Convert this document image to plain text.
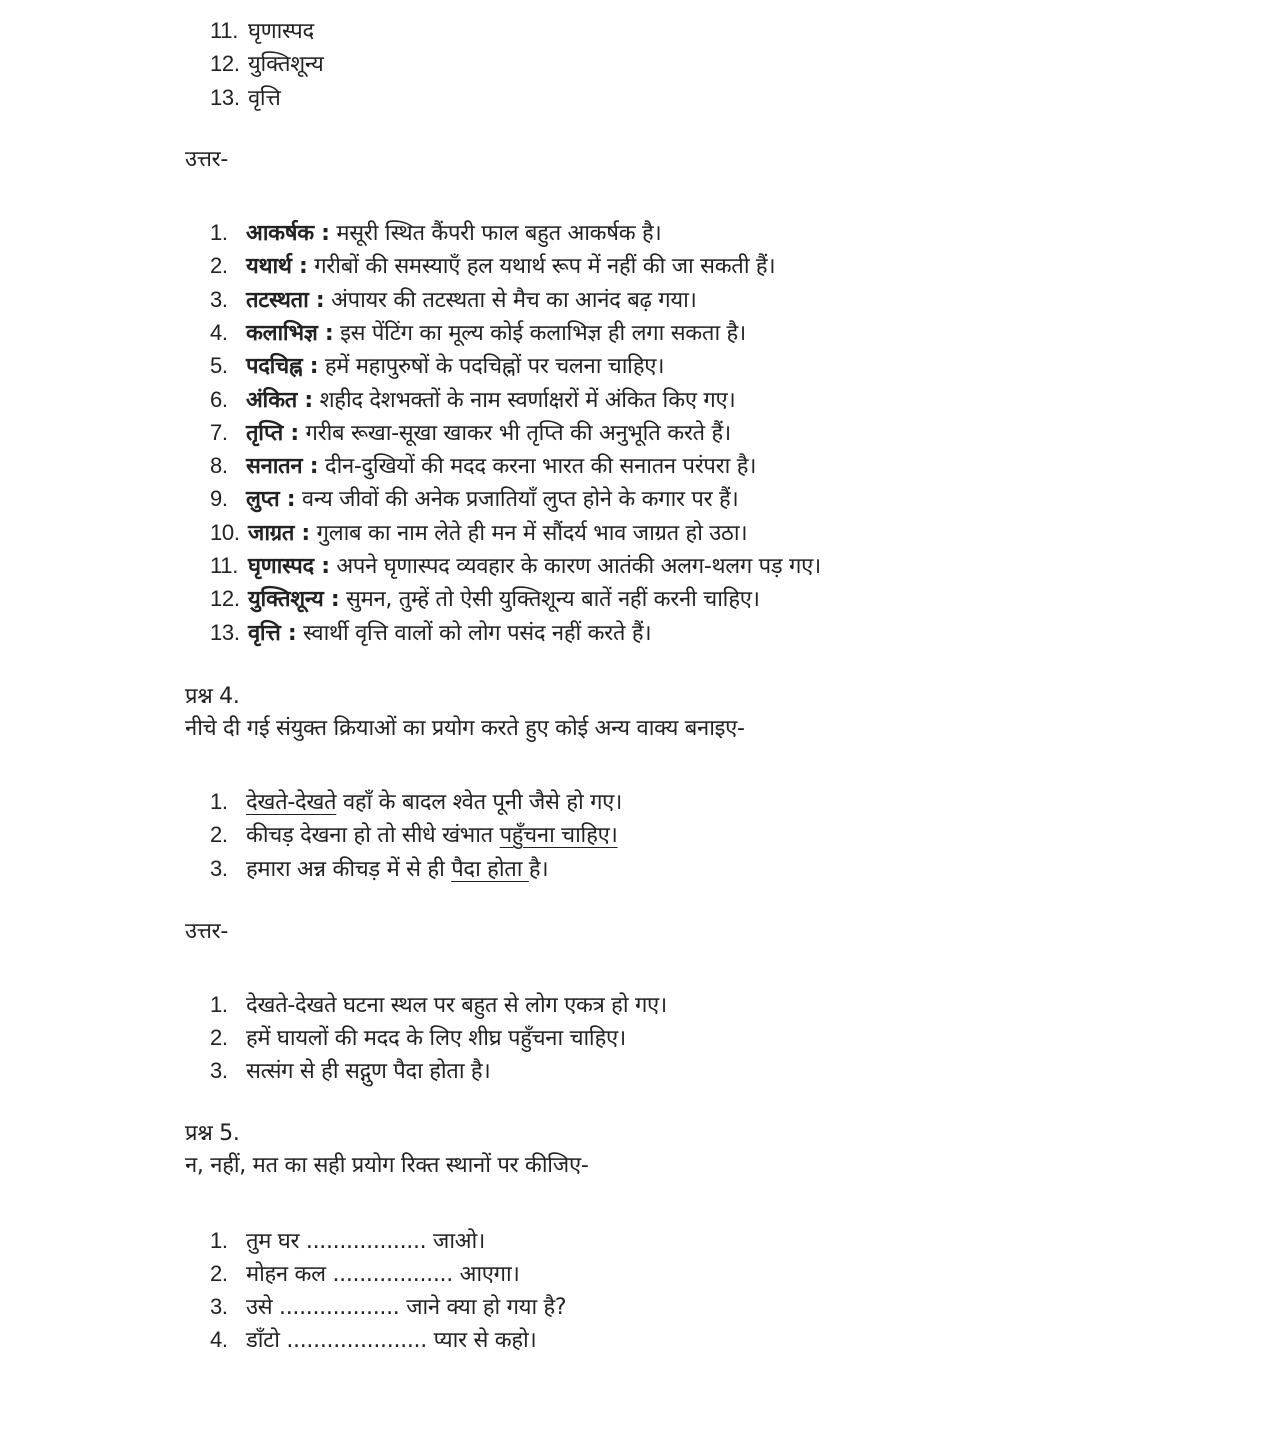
11. घृणास्पद
12. युक्तिशून्य
13. वृत्ति
उत्तर-
1. आकर्षक : मसूरी स्थित कैंपरी फाल बहुत आकर्षक है।
2. यथार्थ : गरीबों की समस्याएँ हल यथार्थ रूप में नहीं की जा सकती हैं।
3. तटस्थता : अंपायर की तटस्थता से मैच का आनंद बढ़ गया।
4. कलाभिज्ञ : इस पेंटिंग का मूल्य कोई कलाभिज्ञ ही लगा सकता है।
5. पदचिह्न : हमें महापुरुषों के पदचिह्नों पर चलना चाहिए।
6. अंकित : शहीद देशभक्तों के नाम स्वर्णाक्षरों में अंकित किए गए।
7. तृप्ति : गरीब रूखा-सूखा खाकर भी तृप्ति की अनुभूति करते हैं।
8. सनातन : दीन-दुखियों की मदद करना भारत की सनातन परंपरा है।
9. लुप्त : वन्य जीवों की अनेक प्रजातियाँ लुप्त होने के कगार पर हैं।
10. जाग्रत : गुलाब का नाम लेते ही मन में सौंदर्य भाव जाग्रत हो उठा।
11. घृणास्पद : अपने घृणास्पद व्यवहार के कारण आतंकी अलग-थलग पड़ गए।
12. युक्तिशून्य : सुमन, तुम्हें तो ऐसी युक्तिशून्य बातें नहीं करनी चाहिए।
13. वृत्ति : स्वार्थी वृत्ति वालों को लोग पसंद नहीं करते हैं।
प्रश्न 4.
नीचे दी गई संयुक्त क्रियाओं का प्रयोग करते हुए कोई अन्य वाक्य बनाइए-
1. देखते-देखते वहाँ के बादल श्वेत पूनी जैसे हो गए।
2. कीचड़ देखना हो तो सीधे खंभात पहुँचना चाहिए।
3. हमारा अन्न कीचड़ में से ही पैदा होता है।
उत्तर-
1. देखते-देखते घटना स्थल पर बहुत से लोग एकत्र हो गए।
2. हमें घायलों की मदद के लिए शीघ्र पहुँचना चाहिए।
3. सत्संग से ही सद्गुण पैदा होता है।
प्रश्न 5.
न, नहीं, मत का सही प्रयोग रिक्त स्थानों पर कीजिए-
1. तुम घर .................. जाओ।
2. मोहन कल .................. आएगा।
3. उसे .................. जाने क्या हो गया है?
4. डाँटो ..................... प्यार से कहो।
